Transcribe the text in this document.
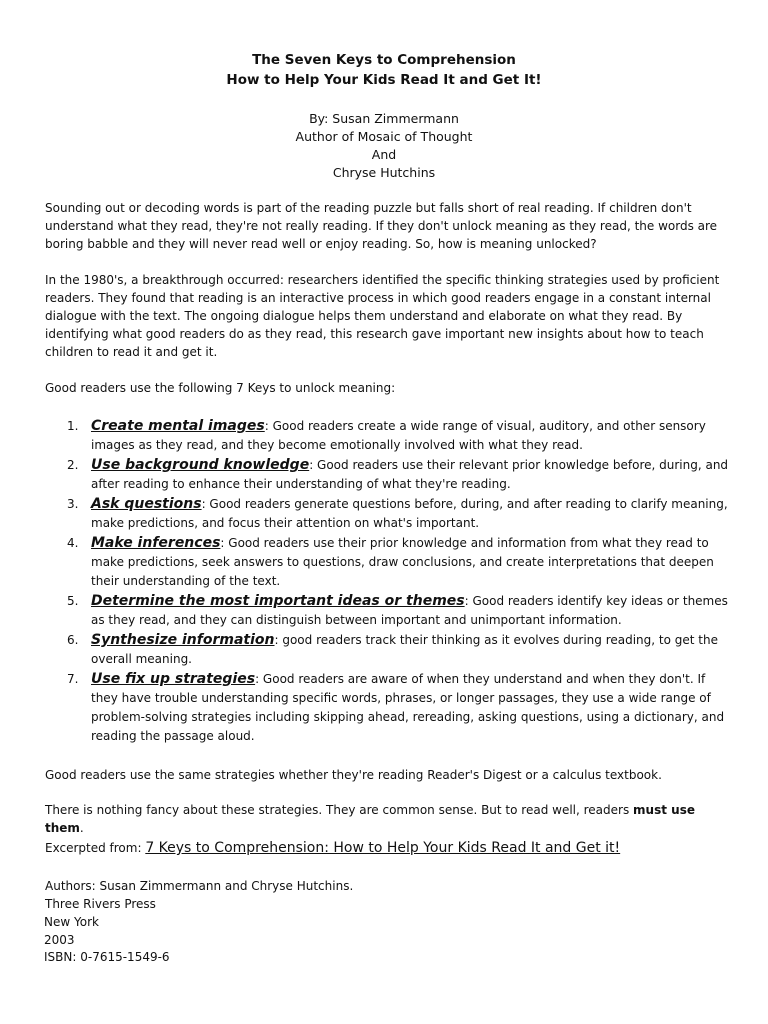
The Seven Keys to Comprehension
How to Help Your Kids Read It and Get It!
By: Susan Zimmermann
Author of Mosaic of Thought
And
Chryse Hutchins

Sounding out or decoding words is part of the reading puzzle but falls short of real reading. If children don't understand what they read, they're not really reading. If they don't unlock meaning as they read, the words are boring babble and they will never read well or enjoy reading. So, how is meaning unlocked?

In the 1980's, a breakthrough occurred: researchers identified the specific thinking strategies used by proficient readers. They found that reading is an interactive process in which good readers engage in a constant internal dialogue with the text. The ongoing dialogue helps them understand and elaborate on what they read. By identifying what good readers do as they read, this research gave important new insights about how to teach children to read it and get it.

Good readers use the following 7 Keys to unlock meaning:

1. Create mental images: Good readers create a wide range of visual, auditory, and other sensory images as they read, and they become emotionally involved with what they read.
2. Use background knowledge: Good readers use their relevant prior knowledge before, during, and after reading to enhance their understanding of what they're reading.
3. Ask questions: Good readers generate questions before, during, and after reading to clarify meaning, make predictions, and focus their attention on what's important.
4. Make inferences: Good readers use their prior knowledge and information from what they read to make predictions, seek answers to questions, draw conclusions, and create interpretations that deepen their understanding of the text.
5. Determine the most important ideas or themes: Good readers identify key ideas or themes as they read, and they can distinguish between important and unimportant information.
6. Synthesize information: good readers track their thinking as it evolves during reading, to get the overall meaning.
7. Use fix up strategies: Good readers are aware of when they understand and when they don't. If they have trouble understanding specific words, phrases, or longer passages, they use a wide range of problem-solving strategies including skipping ahead, rereading, asking questions, using a dictionary, and reading the passage aloud.

Good readers use the same strategies whether they're reading Reader's Digest or a calculus textbook.

There is nothing fancy about these strategies. They are common sense. But to read well, readers must use them.

Excerpted from: 7 Keys to Comprehension: How to Help Your Kids Read It and Get it!

Authors: Susan Zimmermann and Chryse Hutchins.
Three Rivers Press
New York
2003
ISBN: 0-7615-1549-6
